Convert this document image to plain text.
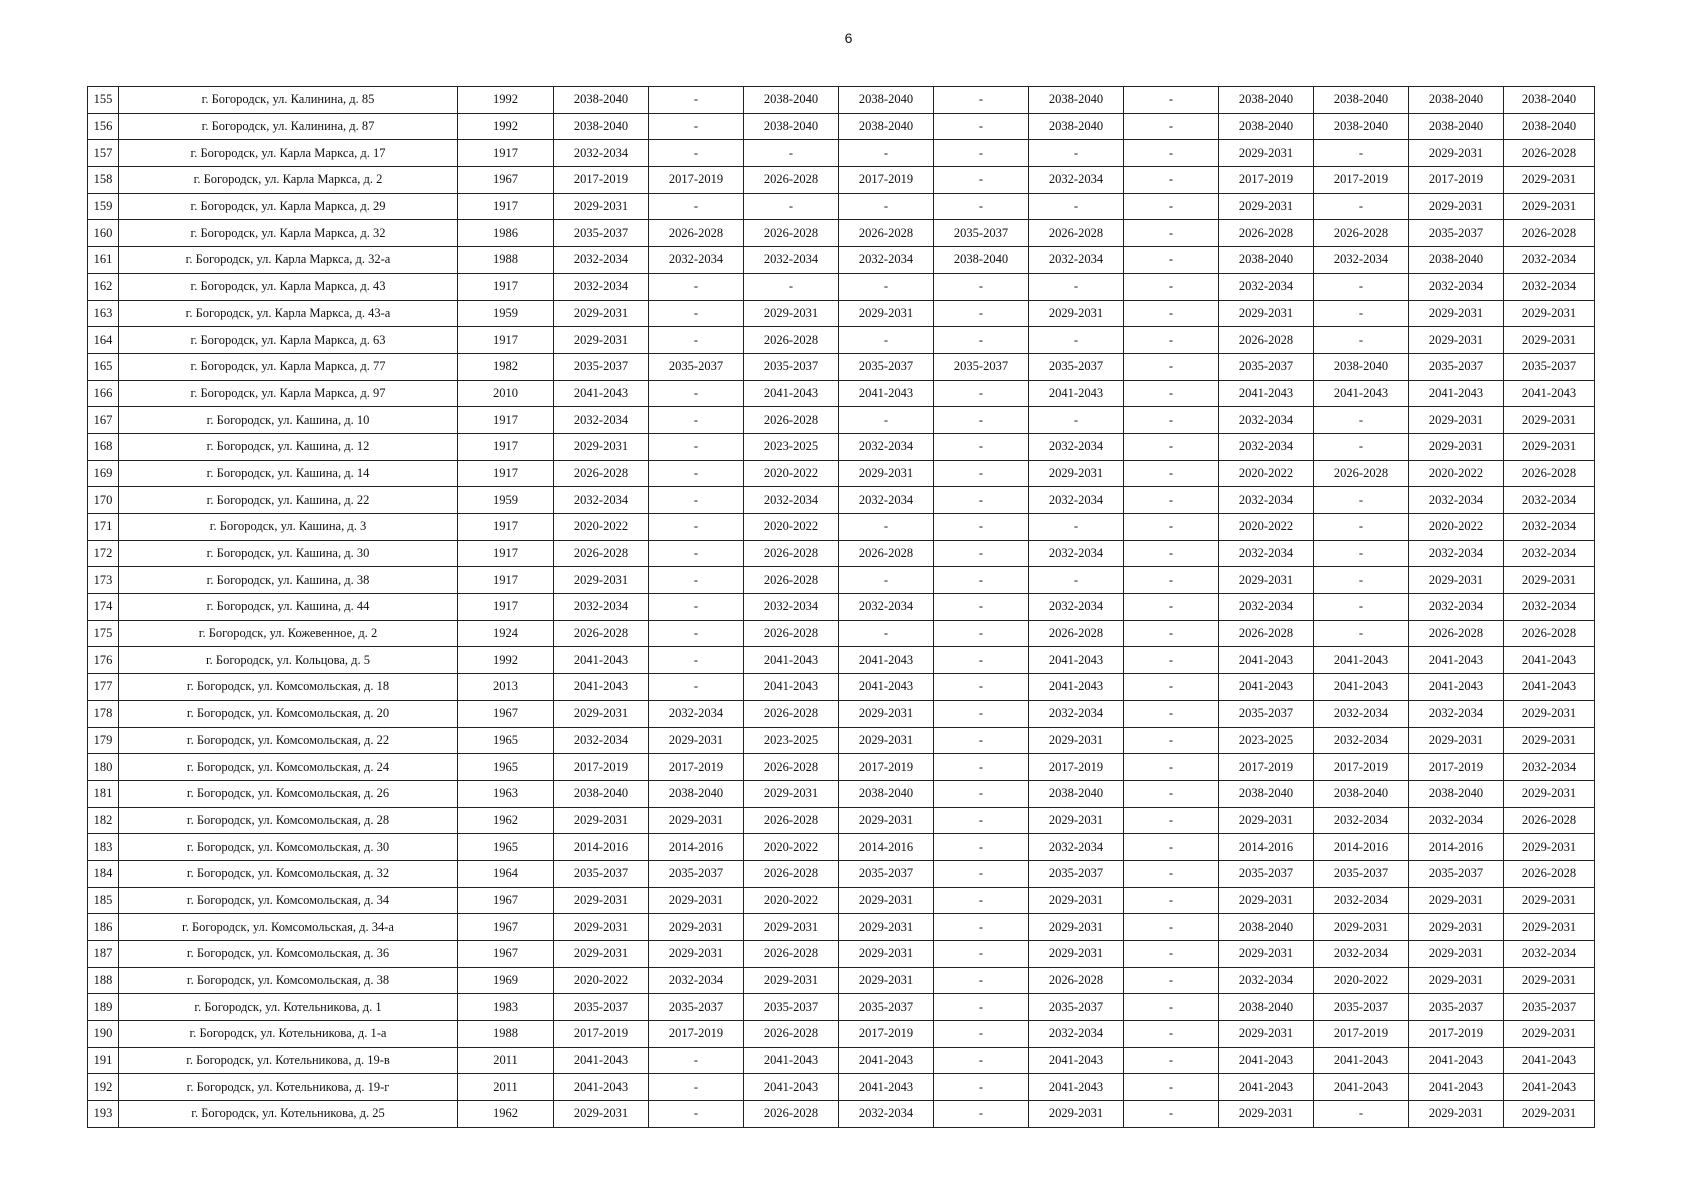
6
155	г. Богородск, ул. Калинина, д. 85	1992	2038-2040	-	2038-2040	2038-2040	-	2038-2040	-	2038-2040	2038-2040	2038-2040	2038-2040
156	г. Богородск, ул. Калинина, д. 87	1992	2038-2040	-	2038-2040	2038-2040	-	2038-2040	-	2038-2040	2038-2040	2038-2040	2038-2040
157	г. Богородск, ул. Карла Маркса, д. 17	1917	2032-2034	-	-	-	-	-	-	2029-2031	-	2029-2031	2026-2028
158	г. Богородск, ул. Карла Маркса, д. 2	1967	2017-2019	2017-2019	2026-2028	2017-2019	-	2032-2034	-	2017-2019	2017-2019	2017-2019	2029-2031
159	г. Богородск, ул. Карла Маркса, д. 29	1917	2029-2031	-	-	-	-	-	-	2029-2031	-	2029-2031	2029-2031
160	г. Богородск, ул. Карла Маркса, д. 32	1986	2035-2037	2026-2028	2026-2028	2026-2028	2035-2037	2026-2028	-	2026-2028	2026-2028	2035-2037	2026-2028
161	г. Богородск, ул. Карла Маркса, д. 32-а	1988	2032-2034	2032-2034	2032-2034	2032-2034	2038-2040	2032-2034	-	2038-2040	2032-2034	2038-2040	2032-2034
162	г. Богородск, ул. Карла Маркса, д. 43	1917	2032-2034	-	-	-	-	-	-	2032-2034	-	2032-2034	2032-2034
163	г. Богородск, ул. Карла Маркса, д. 43-а	1959	2029-2031	-	2029-2031	2029-2031	-	2029-2031	-	2029-2031	-	2029-2031	2029-2031
164	г. Богородск, ул. Карла Маркса, д. 63	1917	2029-2031	-	2026-2028	-	-	-	-	2026-2028	-	2029-2031	2029-2031
165	г. Богородск, ул. Карла Маркса, д. 77	1982	2035-2037	2035-2037	2035-2037	2035-2037	2035-2037	2035-2037	-	2035-2037	2038-2040	2035-2037	2035-2037
166	г. Богородск, ул. Карла Маркса, д. 97	2010	2041-2043	-	2041-2043	2041-2043	-	2041-2043	-	2041-2043	2041-2043	2041-2043	2041-2043
167	г. Богородск, ул. Кашина, д. 10	1917	2032-2034	-	2026-2028	-	-	-	-	2032-2034	-	2029-2031	2029-2031
168	г. Богородск, ул. Кашина, д. 12	1917	2029-2031	-	2023-2025	2032-2034	-	2032-2034	-	2032-2034	-	2029-2031	2029-2031
169	г. Богородск, ул. Кашина, д. 14	1917	2026-2028	-	2020-2022	2029-2031	-	2029-2031	-	2020-2022	2026-2028	2020-2022	2026-2028
170	г. Богородск, ул. Кашина, д. 22	1959	2032-2034	-	2032-2034	2032-2034	-	2032-2034	-	2032-2034	-	2032-2034	2032-2034
171	г. Богородск, ул. Кашина, д. 3	1917	2020-2022	-	2020-2022	-	-	-	-	2020-2022	-	2020-2022	2032-2034
172	г. Богородск, ул. Кашина, д. 30	1917	2026-2028	-	2026-2028	2026-2028	-	2032-2034	-	2032-2034	-	2032-2034	2032-2034
173	г. Богородск, ул. Кашина, д. 38	1917	2029-2031	-	2026-2028	-	-	-	-	2029-2031	-	2029-2031	2029-2031
174	г. Богородск, ул. Кашина, д. 44	1917	2032-2034	-	2032-2034	2032-2034	-	2032-2034	-	2032-2034	-	2032-2034	2032-2034
175	г. Богородск, ул. Кожевенное, д. 2	1924	2026-2028	-	2026-2028	-	-	2026-2028	-	2026-2028	-	2026-2028	2026-2028
176	г. Богородск, ул. Кольцова, д. 5	1992	2041-2043	-	2041-2043	2041-2043	-	2041-2043	-	2041-2043	2041-2043	2041-2043	2041-2043
177	г. Богородск, ул. Комсомольская, д. 18	2013	2041-2043	-	2041-2043	2041-2043	-	2041-2043	-	2041-2043	2041-2043	2041-2043	2041-2043
178	г. Богородск, ул. Комсомольская, д. 20	1967	2029-2031	2032-2034	2026-2028	2029-2031	-	2032-2034	-	2035-2037	2032-2034	2032-2034	2029-2031
179	г. Богородск, ул. Комсомольская, д. 22	1965	2032-2034	2029-2031	2023-2025	2029-2031	-	2029-2031	-	2023-2025	2032-2034	2029-2031	2029-2031
180	г. Богородск, ул. Комсомольская, д. 24	1965	2017-2019	2017-2019	2026-2028	2017-2019	-	2017-2019	-	2017-2019	2017-2019	2017-2019	2032-2034
181	г. Богородск, ул. Комсомольская, д. 26	1963	2038-2040	2038-2040	2029-2031	2038-2040	-	2038-2040	-	2038-2040	2038-2040	2038-2040	2029-2031
182	г. Богородск, ул. Комсомольская, д. 28	1962	2029-2031	2029-2031	2026-2028	2029-2031	-	2029-2031	-	2029-2031	2032-2034	2032-2034	2026-2028
183	г. Богородск, ул. Комсомольская, д. 30	1965	2014-2016	2014-2016	2020-2022	2014-2016	-	2032-2034	-	2014-2016	2014-2016	2014-2016	2029-2031
184	г. Богородск, ул. Комсомольская, д. 32	1964	2035-2037	2035-2037	2026-2028	2035-2037	-	2035-2037	-	2035-2037	2035-2037	2035-2037	2026-2028
185	г. Богородск, ул. Комсомольская, д. 34	1967	2029-2031	2029-2031	2020-2022	2029-2031	-	2029-2031	-	2029-2031	2032-2034	2029-2031	2029-2031
186	г. Богородск, ул. Комсомольская, д. 34-а	1967	2029-2031	2029-2031	2029-2031	2029-2031	-	2029-2031	-	2038-2040	2029-2031	2029-2031	2029-2031
187	г. Богородск, ул. Комсомольская, д. 36	1967	2029-2031	2029-2031	2026-2028	2029-2031	-	2029-2031	-	2029-2031	2032-2034	2029-2031	2032-2034
188	г. Богородск, ул. Комсомольская, д. 38	1969	2020-2022	2032-2034	2029-2031	2029-2031	-	2026-2028	-	2032-2034	2020-2022	2029-2031	2029-2031
189	г. Богородск, ул. Котельникова, д. 1	1983	2035-2037	2035-2037	2035-2037	2035-2037	-	2035-2037	-	2038-2040	2035-2037	2035-2037	2035-2037
190	г. Богородск, ул. Котельникова, д. 1-а	1988	2017-2019	2017-2019	2026-2028	2017-2019	-	2032-2034	-	2029-2031	2017-2019	2017-2019	2029-2031
191	г. Богородск, ул. Котельникова, д. 19-в	2011	2041-2043	-	2041-2043	2041-2043	-	2041-2043	-	2041-2043	2041-2043	2041-2043	2041-2043
192	г. Богородск, ул. Котельникова, д. 19-г	2011	2041-2043	-	2041-2043	2041-2043	-	2041-2043	-	2041-2043	2041-2043	2041-2043	2041-2043
193	г. Богородск, ул. Котельникова, д. 25	1962	2029-2031	-	2026-2028	2032-2034	-	2029-2031	-	2029-2031	-	2029-2031	2029-2031
